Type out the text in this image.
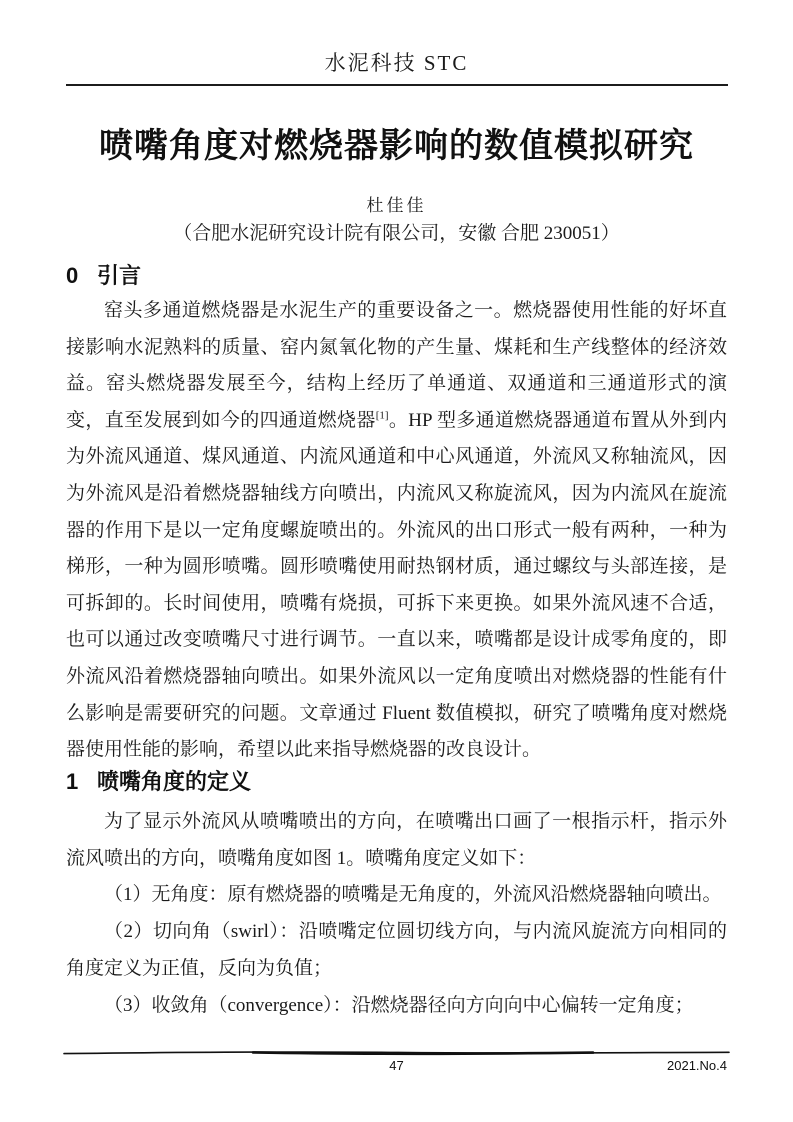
水泥科技 STC
喷嘴角度对燃烧器影响的数值模拟研究
杜佳佳
（合肥水泥研究设计院有限公司，安徽 合肥 230051）
0 引言

窑头多通道燃烧器是水泥生产的重要设备之一。燃烧器使用性能的好坏直接影响水泥熟料的质量、窑内氮氧化物的产生量、煤耗和生产线整体的经济效益。窑头燃烧器发展至今，结构上经历了单通道、双通道和三通道形式的演变，直至发展到如今的四通道燃烧器[1]。HP 型多通道燃烧器通道布置从外到内为外流风通道、煤风通道、内流风通道和中心风通道，外流风又称轴流风，因为外流风是沿着燃烧器轴线方向喷出，内流风又称旋流风，因为内流风在旋流器的作用下是以一定角度螺旋喷出的。外流风的出口形式一般有两种，一种为梯形，一种为圆形喷嘴。圆形喷嘴使用耐热钢材质，通过螺纹与头部连接，是可拆卸的。长时间使用，喷嘴有烧损，可拆下来更换。如果外流风速不合适，也可以通过改变喷嘴尺寸进行调节。一直以来，喷嘴都是设计成零角度的，即外流风沿着燃烧器轴向喷出。如果外流风以一定角度喷出对燃烧器的性能有什么影响是需要研究的问题。文章通过 Fluent 数值模拟，研究了喷嘴角度对燃烧器使用性能的影响，希望以此来指导燃烧器的改良设计。

1 喷嘴角度的定义

为了显示外流风从喷嘴喷出的方向，在喷嘴出口画了一根指示杆，指示外流风喷出的方向，喷嘴角度如图 1。喷嘴角度定义如下：

（1）无角度：原有燃烧器的喷嘴是无角度的，外流风沿燃烧器轴向喷出。

（2）切向角（swirl）：沿喷嘴定位圆切线方向，与内流风旋流方向相同的角度定义为正值，反向为负值；

（3）收敛角（convergence）：沿燃烧器径向方向向中心偏转一定角度；

47	2021.No.4
